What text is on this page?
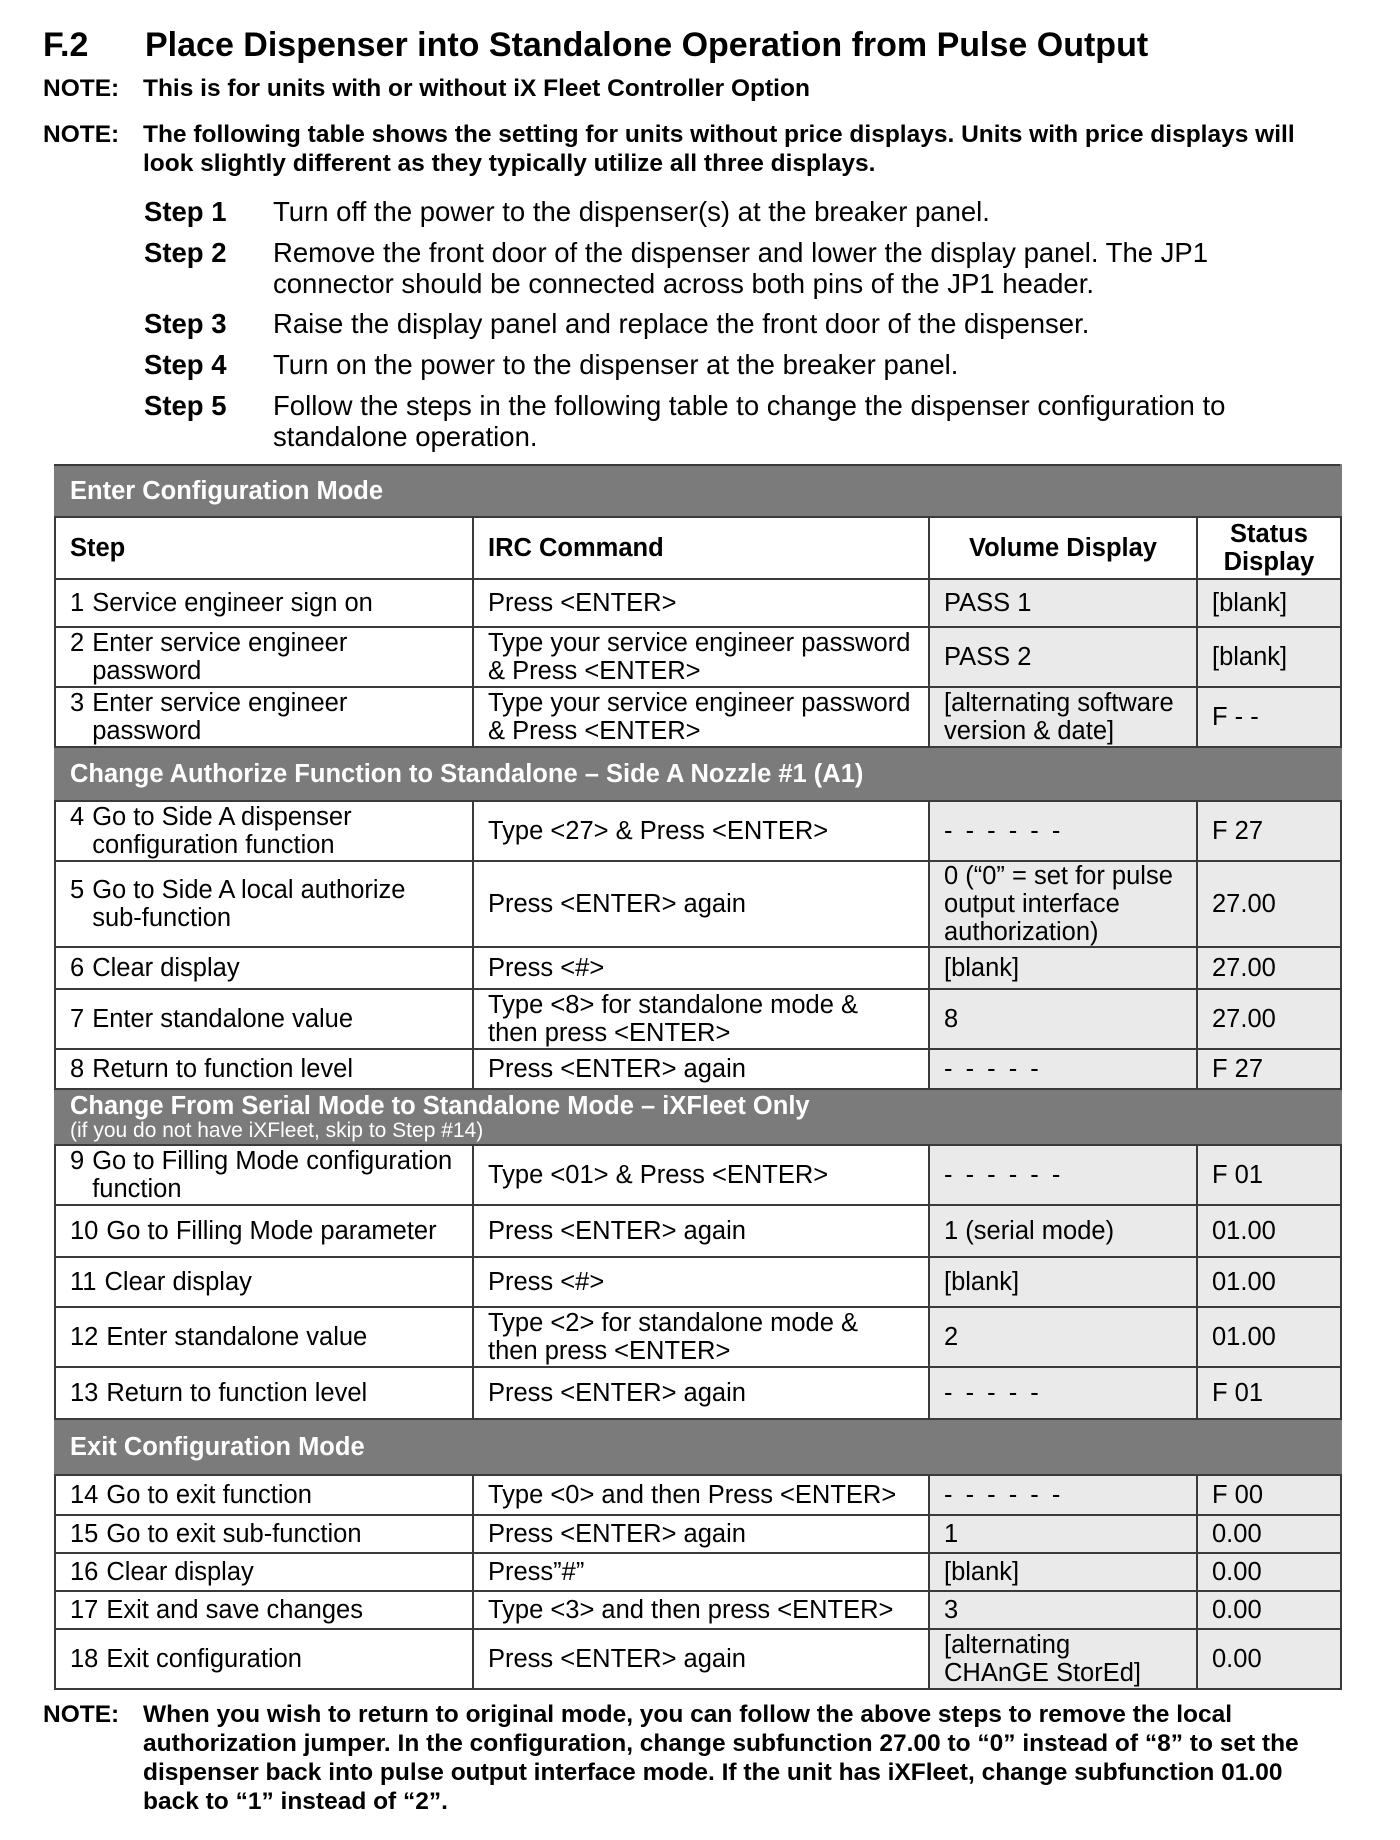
F.2 Place Dispenser into Standalone Operation from Pulse Output
NOTE: This is for units with or without iX Fleet Controller Option
NOTE: The following table shows the setting for units without price displays. Units with price displays will look slightly different as they typically utilize all three displays.
Step 1 Turn off the power to the dispenser(s) at the breaker panel.
Step 2 Remove the front door of the dispenser and lower the display panel. The JP1 connector should be connected across both pins of the JP1 header.
Step 3 Raise the display panel and replace the front door of the dispenser.
Step 4 Turn on the power to the dispenser at the breaker panel.
Step 5 Follow the steps in the following table to change the dispenser configuration to standalone operation.
Enter Configuration Mode			
Step	IRC Command	Volume Display	Status Display

1 Service engineer sign on	Press <ENTER>	PASS 1	[blank]

2 Enter service engineer password	Type your service engineer password & Press <ENTER>	PASS 2	[blank]

3 Enter service engineer password	Type your service engineer password & Press <ENTER>	[alternating software version & date]	F - -
Change Authorize Function to Standalone – Side A Nozzle #1 (A1)			

4 Go to Side A dispenser configuration function	Type <27> & Press <ENTER>	- - - - - -	F 27

5 Go to Side A local authorize sub-function	Press <ENTER> again	0 (“0” = set for pulse output interface authorization)	27.00

6 Clear display	Press <#>	[blank]	27.00

7 Enter standalone value	Type <8> for standalone mode & then press <ENTER>	8	27.00

8 Return to function level	Press <ENTER> again	- - - - -	F 27
Change From Serial Mode to Standalone Mode – iXFleet Only
(if you do not have iXFleet, skip to Step #14)			

9 Go to Filling Mode configuration function	Type <01> & Press <ENTER>	- - - - - -	F 01

10 Go to Filling Mode parameter	Press <ENTER> again	1 (serial mode)	01.00

11 Clear display	Press <#>	[blank]	01.00

12 Enter standalone value	Type <2> for standalone mode & then press <ENTER>	2	01.00

13 Return to function level	Press <ENTER> again	- - - - -	F 01
Exit Configuration Mode			

14 Go to exit function	Type <0> and then Press <ENTER>	- - - - - -	F 00

15 Go to exit sub-function	Press <ENTER> again	1	0.00

16 Clear display	Press”#”	[blank]	0.00

17 Exit and save changes	Type <3> and then press <ENTER>	3	0.00

18 Exit configuration	Press <ENTER> again	[alternating CHAnGE StorEd]	0.00
NOTE: When you wish to return to original mode, you can follow the above steps to remove the local authorization jumper. In the configuration, change subfunction 27.00 to “0” instead of “8” to set the dispenser back into pulse output interface mode. If the unit has iXFleet, change subfunction 01.00 back to “1” instead of “2”.
